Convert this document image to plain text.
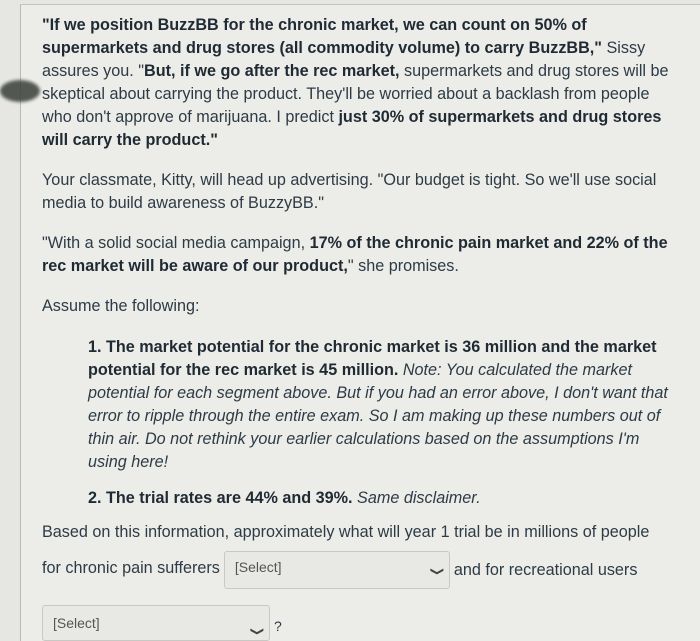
"If we position BuzzBB for the chronic market, we can count on 50% of supermarkets and drug stores (all commodity volume) to carry BuzzBB," Sissy assures you. "But, if we go after the rec market, supermarkets and drug stores will be skeptical about carrying the product. They'll be worried about a backlash from people who don't approve of marijuana. I predict just 30% of supermarkets and drug stores will carry the product."

Your classmate, Kitty, will head up advertising. "Our budget is tight. So we'll use social media to build awareness of BuzzyBB."

"With a solid social media campaign, 17% of the chronic pain market and 22% of the rec market will be aware of our product," she promises.

Assume the following:

1. The market potential for the chronic market is 36 million and the market potential for the rec market is 45 million. Note: You calculated the market potential for each segment above. But if you had an error above, I don't want that error to ripple through the entire exam. So I am making up these numbers out of thin air. Do not rethink your earlier calculations based on the assumptions I'm using here!

2. The trial rates are 44% and 39%. Same disclaimer.

Based on this information, approximately what will year 1 trial be in millions of people
for chronic pain sufferers [Select]	❯ and for recreational users
[Select]
❯ ?
